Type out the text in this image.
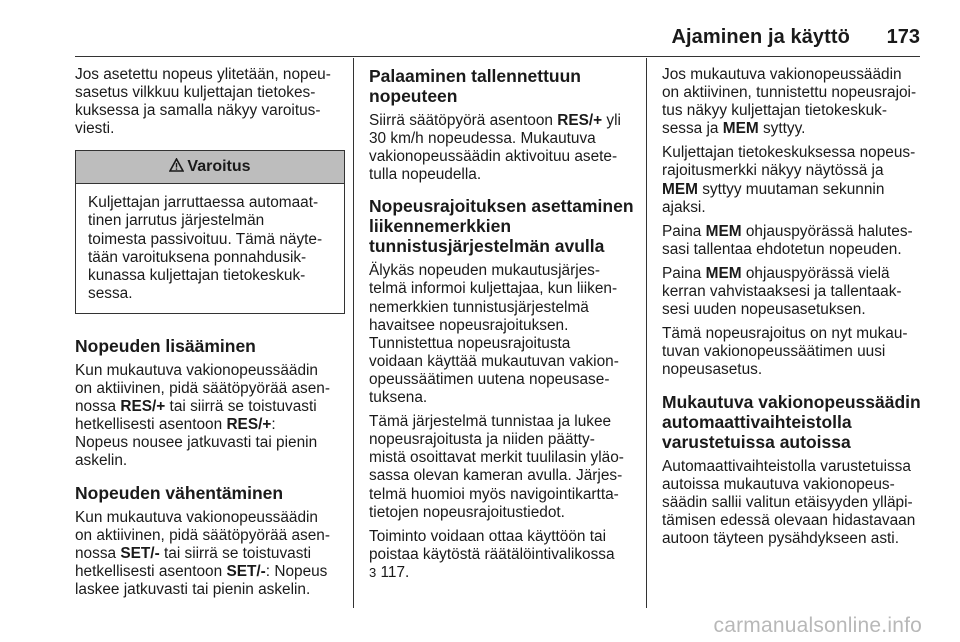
Ajaminen ja käyttö 173

Jos asetettu nopeus ylitetään, nopeu-
sasetus vilkkuu kuljettajan tietokes-
kuksessa ja samalla näkyy varoitus-
viesti.

Varoitus
Kuljettajan jarruttaessa automaat-
tinen jarrutus järjestelmän
toimesta passivoituu. Tämä näyte-
tään varoituksena ponnahdusik-
kunassa kuljettajan tietokeskuk-
sessa.
Nopeuden lisääminen

Kun mukautuva vakionopeussäädin
on aktiivinen, pidä säätöpyörää asen-
nossa RES/+ tai siirrä se toistuvasti
hetkellisesti asentoon RES/+:
Nopeus nousee jatkuvasti tai pienin
askelin.

Nopeuden vähentäminen

Kun mukautuva vakionopeussäädin
on aktiivinen, pidä säätöpyörää asen-
nossa SET/- tai siirrä se toistuvasti
hetkellisesti asentoon SET/-: Nopeus
laskee jatkuvasti tai pienin askelin.

Palaaminen tallennettuun
nopeuteen

Siirrä säätöpyörä asentoon RES/+ yli
30 km/h nopeudessa. Mukautuva
vakionopeussäädin aktivoituu asete-
tulla nopeudella.

Nopeusrajoituksen asettaminen
liikennemerkkien
tunnistusjärjestelmän avulla

Älykäs nopeuden mukautusjärjes-
telmä informoi kuljettajaa, kun liiken-
nemerkkien tunnistusjärjestelmä
havaitsee nopeusrajoituksen.
Tunnistettua nopeusrajoitusta
voidaan käyttää mukautuvan vakion-
opeussäätimen uutena nopeusase-
tuksena.

Tämä järjestelmä tunnistaa ja lukee
nopeusrajoitusta ja niiden päätty-
mistä osoittavat merkit tuulilasin yläo-
sassa olevan kameran avulla. Järjes-
telmä huomioi myös navigointikartta-
tietojen nopeusrajoitustiedot.

Toiminto voidaan ottaa käyttöön tai
poistaa käytöstä räätälöintivalikossa
3 117.

Jos mukautuva vakionopeussäädin
on aktiivinen, tunnistettu nopeusrajoi-
tus näkyy kuljettajan tietokeskuk-
sessa ja MEM syttyy.

Kuljettajan tietokeskuksessa nopeus-
rajoitusmerkki näkyy näytössä ja
MEM syttyy muutaman sekunnin
ajaksi.

Paina MEM ohjauspyörässä halutes-
sasi tallentaa ehdotetun nopeuden.

Paina MEM ohjauspyörässä vielä
kerran vahvistaaksesi ja tallentaak-
sesi uuden nopeusasetuksen.

Tämä nopeusrajoitus on nyt mukau-
tuvan vakionopeussäätimen uusi
nopeusasetus.

Mukautuva vakionopeussäädin
automaattivaihteistolla
varustetuissa autoissa

Automaattivaihteistolla varustetuissa
autoissa mukautuva vakionopeus-
säädin sallii valitun etäisyyden ylläpi-
tämisen edessä olevaan hidastavaan
autoon täyteen pysähdykseen asti.

carmanualsonline.info
